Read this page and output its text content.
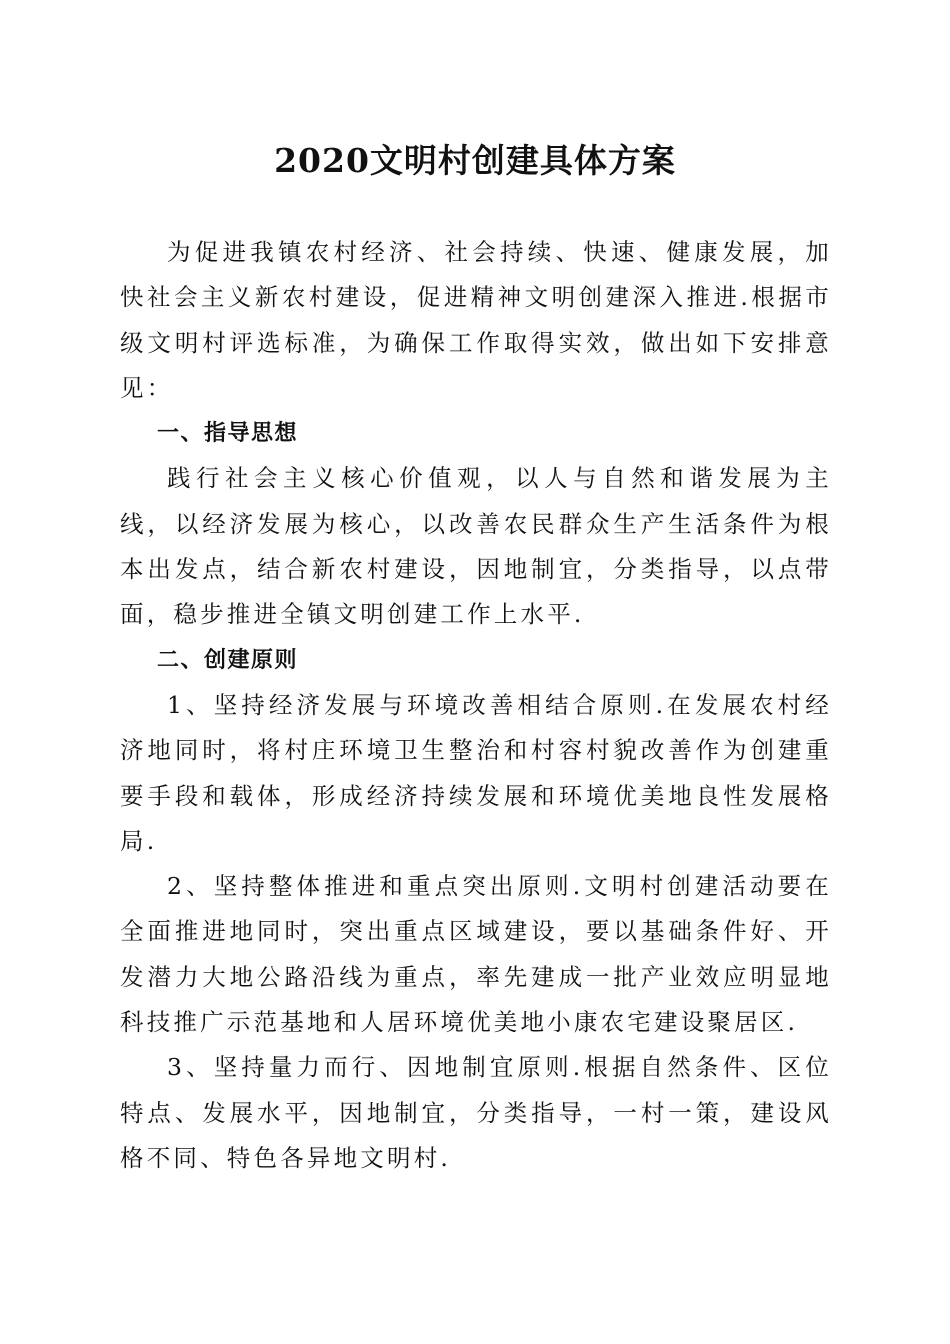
2020文明村创建具体方案

为促进我镇农村经济、社会持续、快速、健康发展，加快社会主义新农村建设，促进精神文明创建深入推进.根据市级文明村评选标准，为确保工作取得实效，做出如下安排意见：

一、指导思想

践行社会主义核心价值观，以人与自然和谐发展为主线，以经济发展为核心，以改善农民群众生产生活条件为根本出发点，结合新农村建设，因地制宜，分类指导，以点带面，稳步推进全镇文明创建工作上水平.

二、创建原则

1、坚持经济发展与环境改善相结合原则.在发展农村经济地同时，将村庄环境卫生整治和村容村貌改善作为创建重要手段和载体，形成经济持续发展和环境优美地良性发展格局.

2、坚持整体推进和重点突出原则.文明村创建活动要在全面推进地同时，突出重点区域建设，要以基础条件好、开发潜力大地公路沿线为重点，率先建成一批产业效应明显地科技推广示范基地和人居环境优美地小康农宅建设聚居区.

3、坚持量力而行、因地制宜原则.根据自然条件、区位特点、发展水平，因地制宜，分类指导，一村一策，建设风格不同、特色各异地文明村.
